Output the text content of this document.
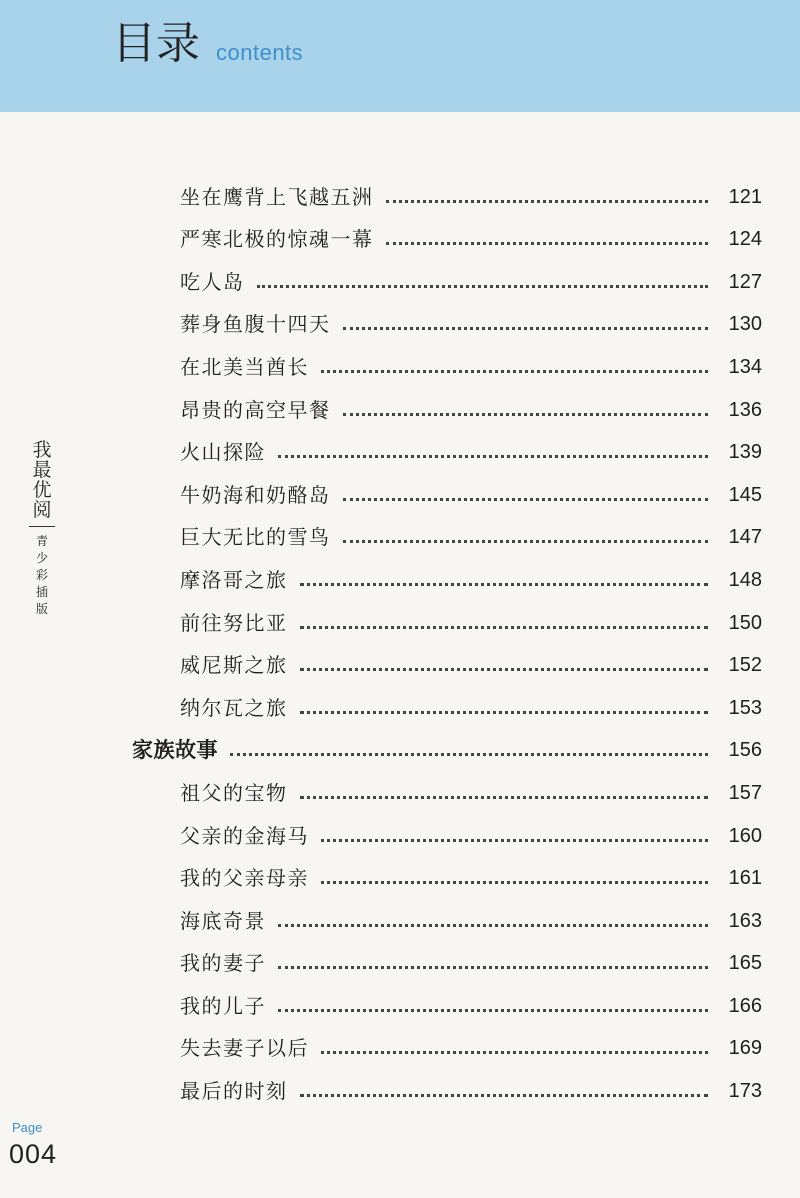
目录 contents
我
最
优
阅
青
少
彩
插
版
坐在鹰背上飞越五洲	121
严寒北极的惊魂一幕	124
吃人岛	127
葬身鱼腹十四天	130
在北美当酋长	134
昂贵的高空早餐	136
火山探险	139
牛奶海和奶酪岛	145
巨大无比的雪鸟	147
摩洛哥之旅	148
前往努比亚	150
威尼斯之旅	152
纳尔瓦之旅	153
家族故事	156
祖父的宝物	157
父亲的金海马	160
我的父亲母亲	161
海底奇景	163
我的妻子	165
我的儿子	166
失去妻子以后	169
最后的时刻	173
Page
004
